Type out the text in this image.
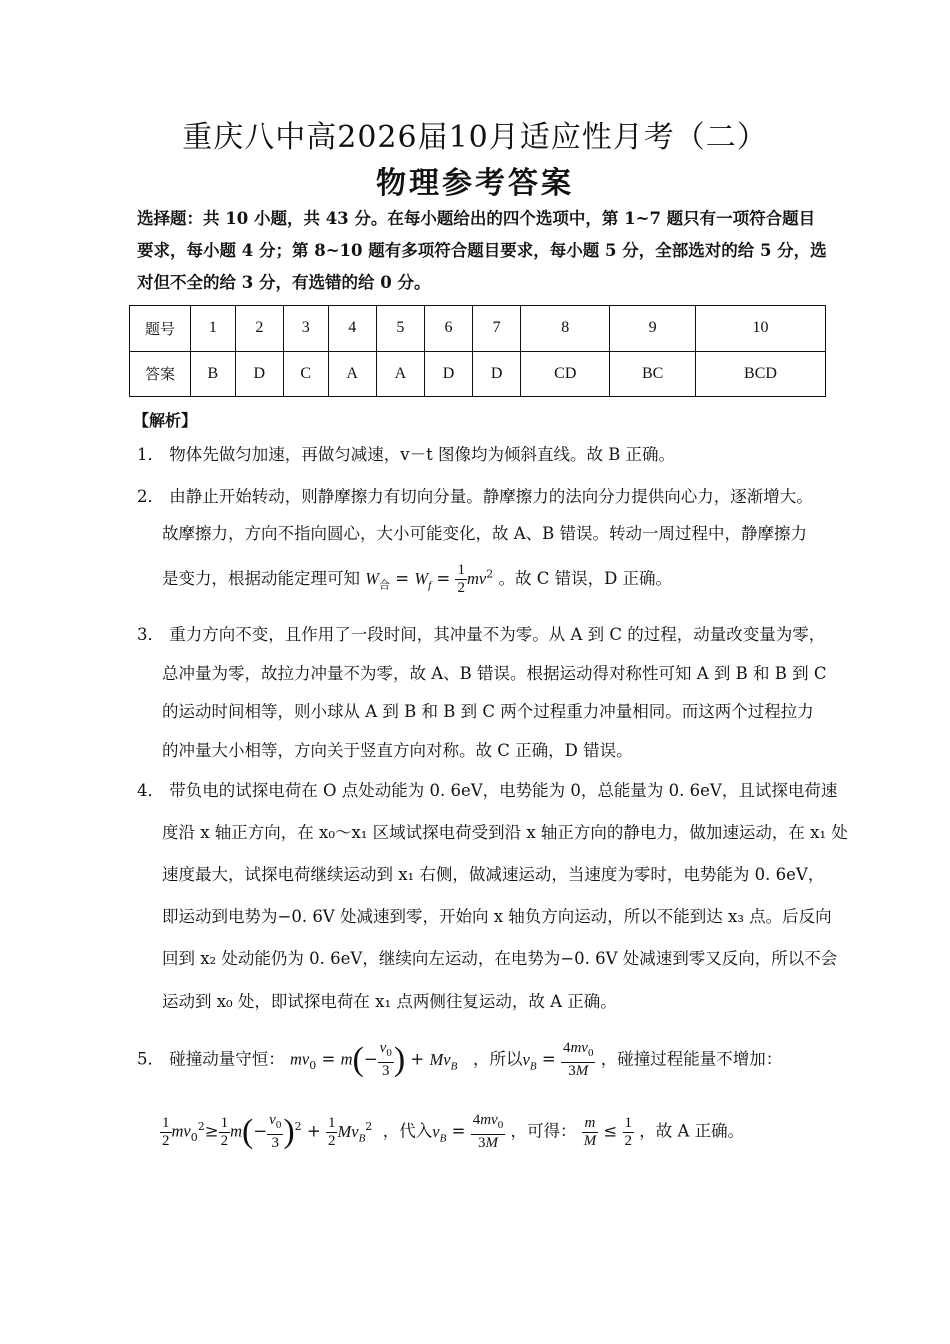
重庆八中高2026届10月适应性月考（二）
物理参考答案
选择题：共 10 小题，共 43 分。在每小题给出的四个选项中，第 1~7 题只有一项符合题目要求，每小题 4 分；第 8~10 题有多项符合题目要求，每小题 5 分，全部选对的给 5 分，选对但不全的给 3 分，有选错的给 0 分。
题号	1	2	3	4	5	6	7	8	9	10
答案	B	D	C	A	A	D	D	CD	BC	BCD
【解析】
1． 物体先做匀加速，再做匀减速，v－t 图像均为倾斜直线。故 B 正确。
2． 由静止开始转动，则静摩擦力有切向分量。静摩擦力的法向分力提供向心力，逐渐增大。
故摩擦力，方向不指向圆心，大小可能变化，故 A、B 错误。转动一周过程中，静摩擦力
是变力，根据动能定理可知 $W_合 = W_f = \frac{1}{2} mv^2$ 。故 C 错误，D 正确。
3． 重力方向不变，且作用了一段时间，其冲量不为零。从 A 到 C 的过程，动量改变量为零，
总冲量为零，故拉力冲量不为零，故 A、B 错误。根据运动得对称性可知 A 到 B 和 B 到 C
的运动时间相等，则小球从 A 到 B 和 B 到 C 两个过程重力冲量相同。而这两个过程拉力
的冲量大小相等，方向关于竖直方向对称。故 C 正确，D 错误。
4． 带负电的试探电荷在 O 点处动能为 0. 6eV，电势能为 0，总能量为 0. 6eV，且试探电荷速
度沿 x 轴正方向，在 x₀～x₁ 区域试探电荷受到沿 x 轴正方向的静电力，做加速运动，在 x₁ 处
速度最大，试探电荷继续运动到 x₁ 右侧，做减速运动，当速度为零时，电势能为 0. 6eV，
即运动到电势为−0. 6V 处减速到零，开始向 x 轴负方向运动，所以不能到达 x₃ 点。后反向
回到 x₂ 处动能仍为 0. 6eV，继续向左运动，在电势为−0. 6V 处减速到零又反向，所以不会
运动到 x₀ 处，即试探电荷在 x₁ 点两侧往复运动，故 A 正确。
5． 碰撞动量守恒： $mv_0 = m(- \frac{v_0}{3}$ ) + $Mv_B$ ，所以$v_B = \frac{4mv_0}{3M}$ ，碰撞过程能量不增加：
$\frac{1}{2} mv_0^2\ge \frac{1}{2} m(- \frac{v_0}{3} )^2 + \frac{1}{2} Mv_B^2$ ，代入$v_B = \frac{4mv_0}{3M}$ ，可得： $\frac{m}{M} \le \frac{1}{2}$ ，故 A 正确。
